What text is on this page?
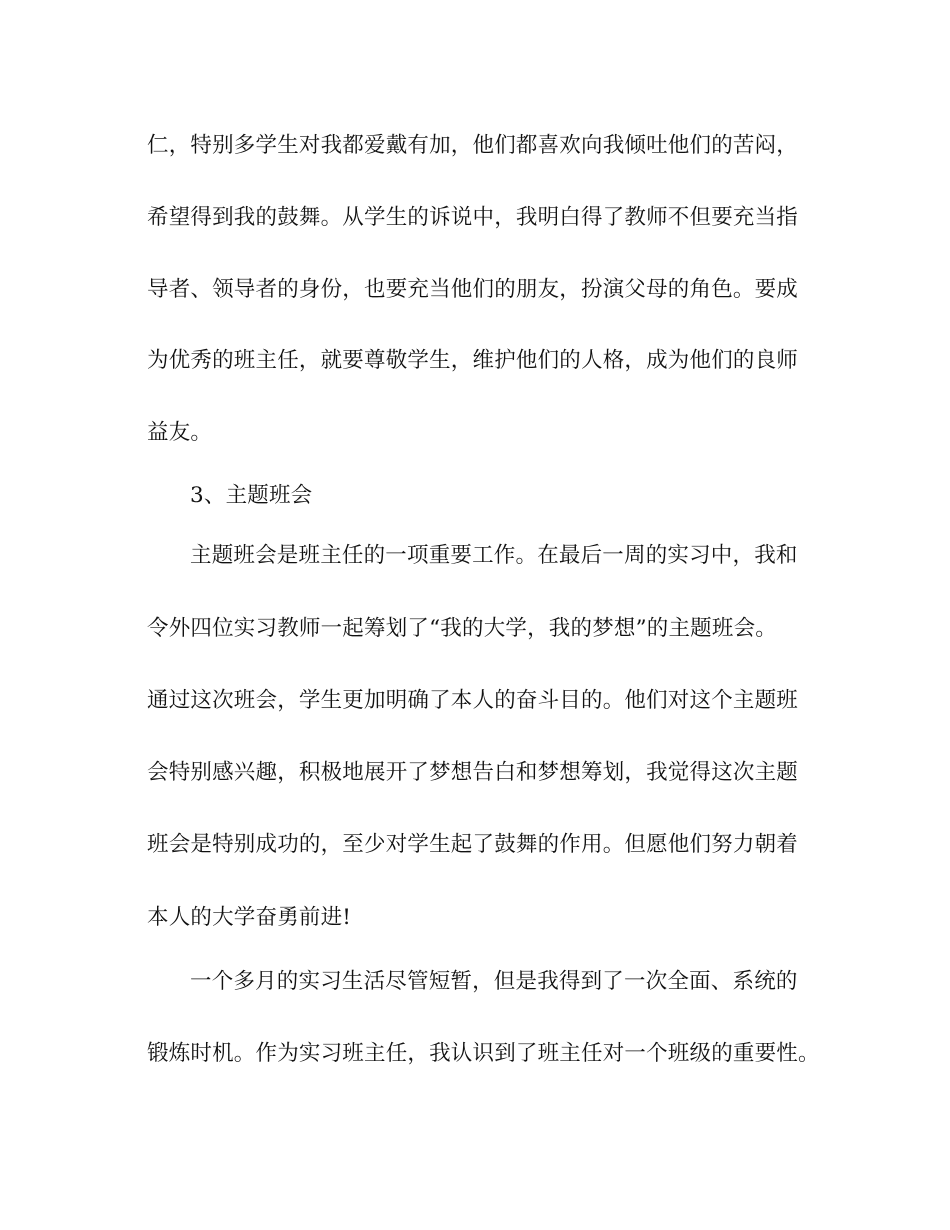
仁，特别多学生对我都爱戴有加，他们都喜欢向我倾吐他们的苦闷，
希望得到我的鼓舞。从学生的诉说中，我明白得了教师不但要充当指
导者、领导者的身份，也要充当他们的朋友，扮演父母的角色。要成
为优秀的班主任，就要尊敬学生，维护他们的人格，成为他们的良师
益友。
3、主题班会
主题班会是班主任的一项重要工作。在最后一周的实习中，我和
令外四位实习教师一起筹划了“我的大学，我的梦想”的主题班会。
通过这次班会，学生更加明确了本人的奋斗目的。他们对这个主题班
会特别感兴趣，积极地展开了梦想告白和梦想筹划，我觉得这次主题
班会是特别成功的，至少对学生起了鼓舞的作用。但愿他们努力朝着
本人的大学奋勇前进!
一个多月的实习生活尽管短暂，但是我得到了一次全面、系统的
锻炼时机。作为实习班主任，我认识到了班主任对一个班级的重要性。
